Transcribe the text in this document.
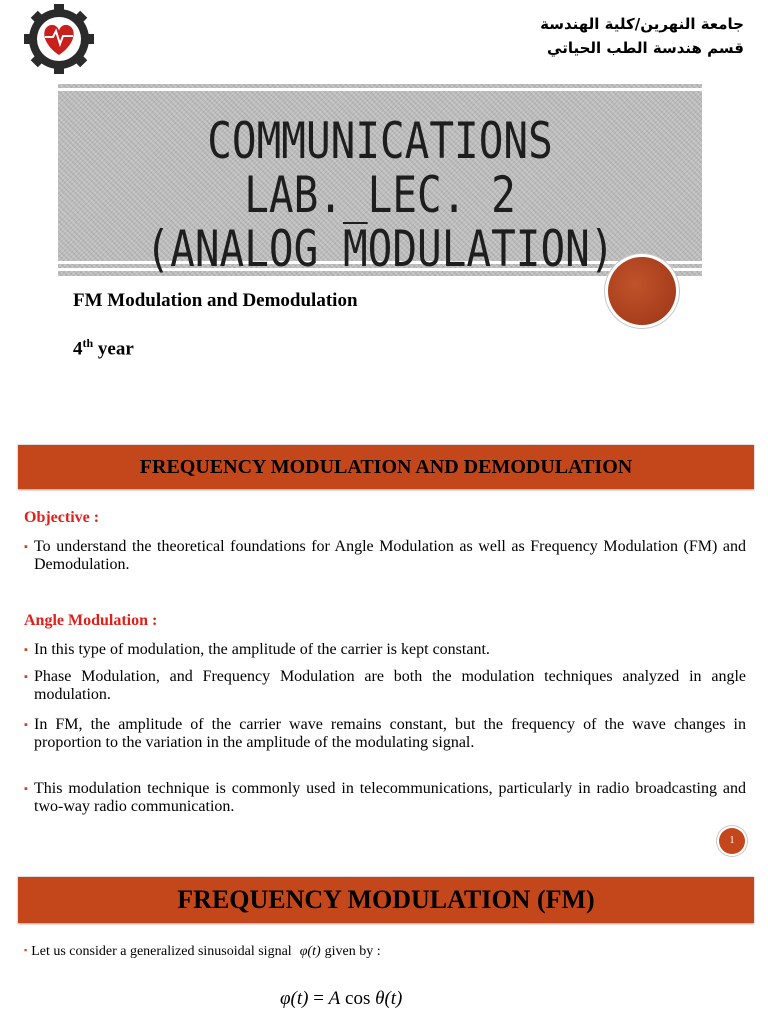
جامعة النهرين/كلية الهندسة
قسم هندسة الطب الحياتي
COMMUNICATIONS LAB._LEC. 2
(ANALOG MODULATION)
FM Modulation and Demodulation
4th year
FREQUENCY MODULATION AND DEMODULATION
Objective :
▪ To understand the theoretical foundations for Angle Modulation as well as Frequency Modulation (FM) and Demodulation.
Angle Modulation :
▪ In this type of modulation, the amplitude of the carrier is kept constant.
▪ Phase Modulation, and Frequency Modulation are both the modulation techniques analyzed in angle modulation.
▪ In FM, the amplitude of the carrier wave remains constant, but the frequency of the wave changes in proportion to the variation in the amplitude of the modulating signal.
▪ This modulation technique is commonly used in telecommunications, particularly in radio broadcasting and two-way radio communication.
1
FREQUENCY MODULATION (FM)
▪ Let us consider a generalized sinusoidal signal φ(t) given by :
φ(t) = A cos θ(t)
